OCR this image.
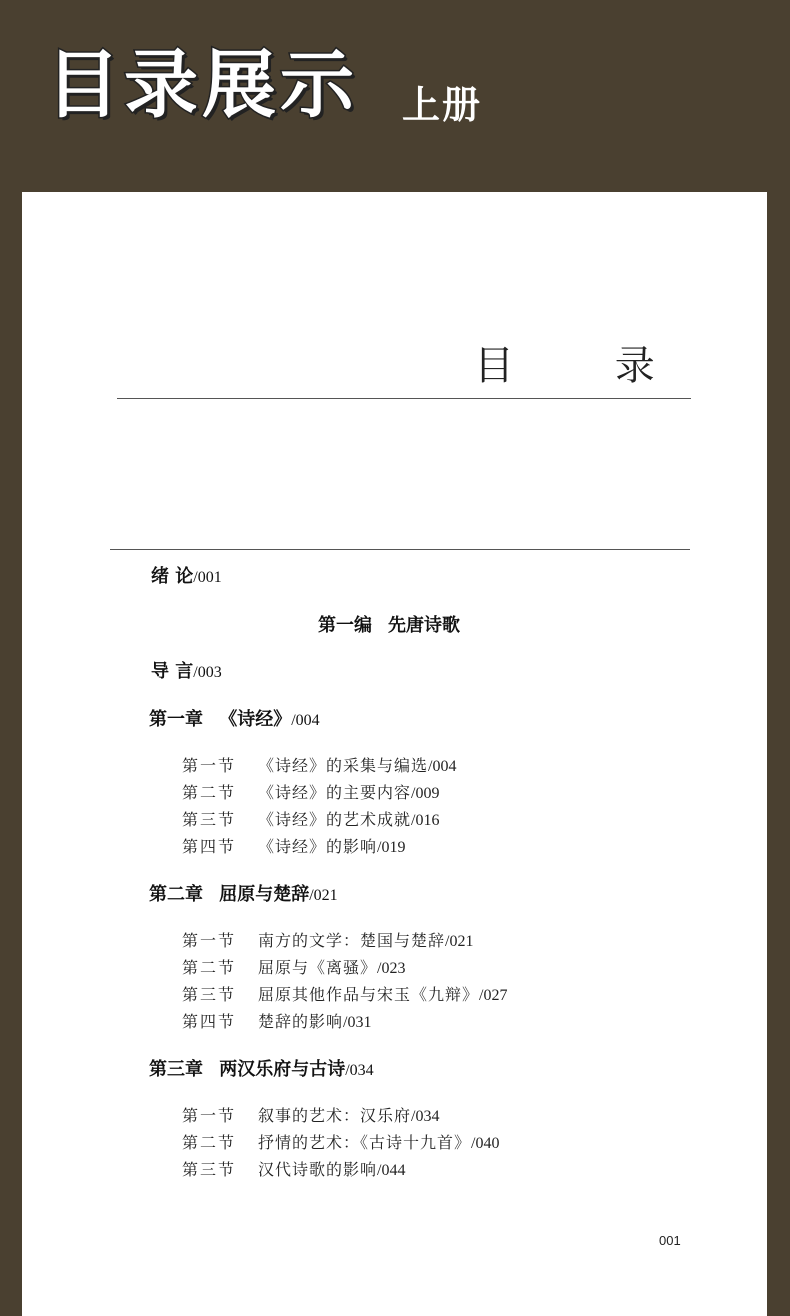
目录展示 上册
目 录
绪 论/001
第一编 先唐诗歌
导 言/003
第一章 《诗经》/004
第一节 《诗经》的采集与编选/004
第二节 《诗经》的主要内容/009
第三节 《诗经》的艺术成就/016
第四节 《诗经》的影响/019
第二章 屈原与楚辞/021
第一节 南方的文学：楚国与楚辞/021
第二节 屈原与《离骚》/023
第三节 屈原其他作品与宋玉《九辩》/027
第四节 楚辞的影响/031
第三章 两汉乐府与古诗/034
第一节 叙事的艺术：汉乐府/034
第二节 抒情的艺术：《古诗十九首》/040
第三节 汉代诗歌的影响/044
001
